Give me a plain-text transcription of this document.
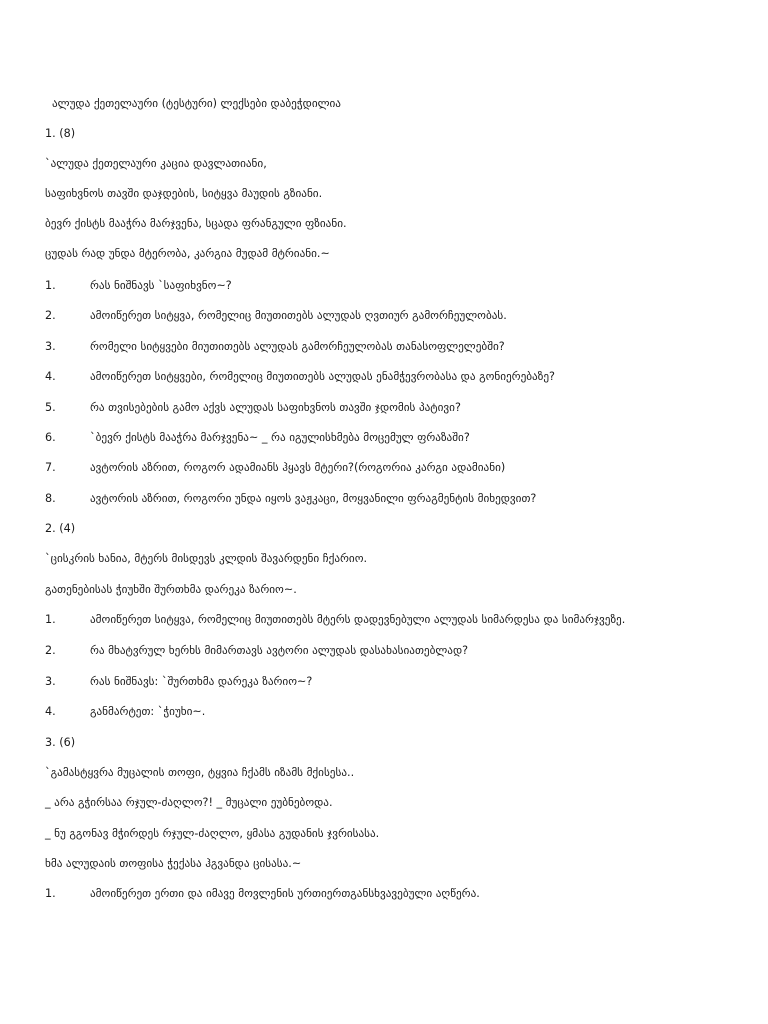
ალუდა ქეთელაური (ტესტური) ლექსები დაბეჭდილია
1. (8)
`ალუდა ქეთელაური კაცია დავლათიანი,
საფიხვნოს თავში დაჯდების, სიტყვა მაუდის გზიანი.
ბევრ ქისტს მააჭრა მარჯვენა, სცადა ფრანგული ფზიანი.
ცუდას რად უნდა მტერობა, კარგია მუდამ მტრიანი.~
1.	რას ნიშნავს `საფიხვნო~?
2.	ამოიწერეთ სიტყვა, რომელიც მიუთითებს ალუდას ღვთიურ გამორჩეულობას.
3.	რომელი სიტყვები მიუთითებს ალუდას გამორჩეულობას თანასოფლელებში?
4.	ამოიწერეთ სიტყვები, რომელიც მიუთითებს ალუდას ენამჭევრობასა და გონიერებაზე?
5.	რა თვისებების გამო აქვს ალუდას საფიხვნოს თავში ჯდომის პატივი?
6.	`ბევრ ქისტს მააჭრა მარჯვენა~ _ რა იგულისხმება მოცემულ ფრაზაში?
7.	ავტორის აზრით, როგორ ადამიანს ჰყავს მტერი?(როგორია კარგი ადამიანი)
8.	ავტორის აზრით, როგორი უნდა იყოს ვაჟკაცი, მოყვანილი ფრაგმენტის მიხედვით?
2. (4)
`ცისკრის ხანია, მტერს მისდევს კლდის შავარდენი ჩქარიო.
გათენებისას ჭიუხში შურთხმა დარეკა ზარიო~.
1.	ამოიწერეთ სიტყვა, რომელიც მიუთითებს მტერს დადევნებული ალუდას სიმარდესა და სიმარჯვეზე.
2.	რა მხატვრულ ხერხს მიმართავს ავტორი ალუდას დასახასიათებლად?
3.	რას ნიშნავს: `შურთხმა დარეკა ზარიო~?
4.	განმარტეთ: `ჭიუხი~.
3. (6)
`გამასტყვრა მუცალის თოფი, ტყვია ჩქამს იზამს მქისესა..
_ არა გჭირსაა რჯულ-ძაღლო?! _ მუცალი ეუბნებოდა.
_ ნუ გგონავ მჭირდეს რჯულ-ძაღლო, ყმასა გუდანის ჯვრისასა.
ხმა ალუდაის თოფისა ჭექასა ჰგვანდა ცისასა.~
1.	ამოიწერეთ ერთი და იმავე მოვლენის ურთიერთგანსხვავებული აღწერა.
